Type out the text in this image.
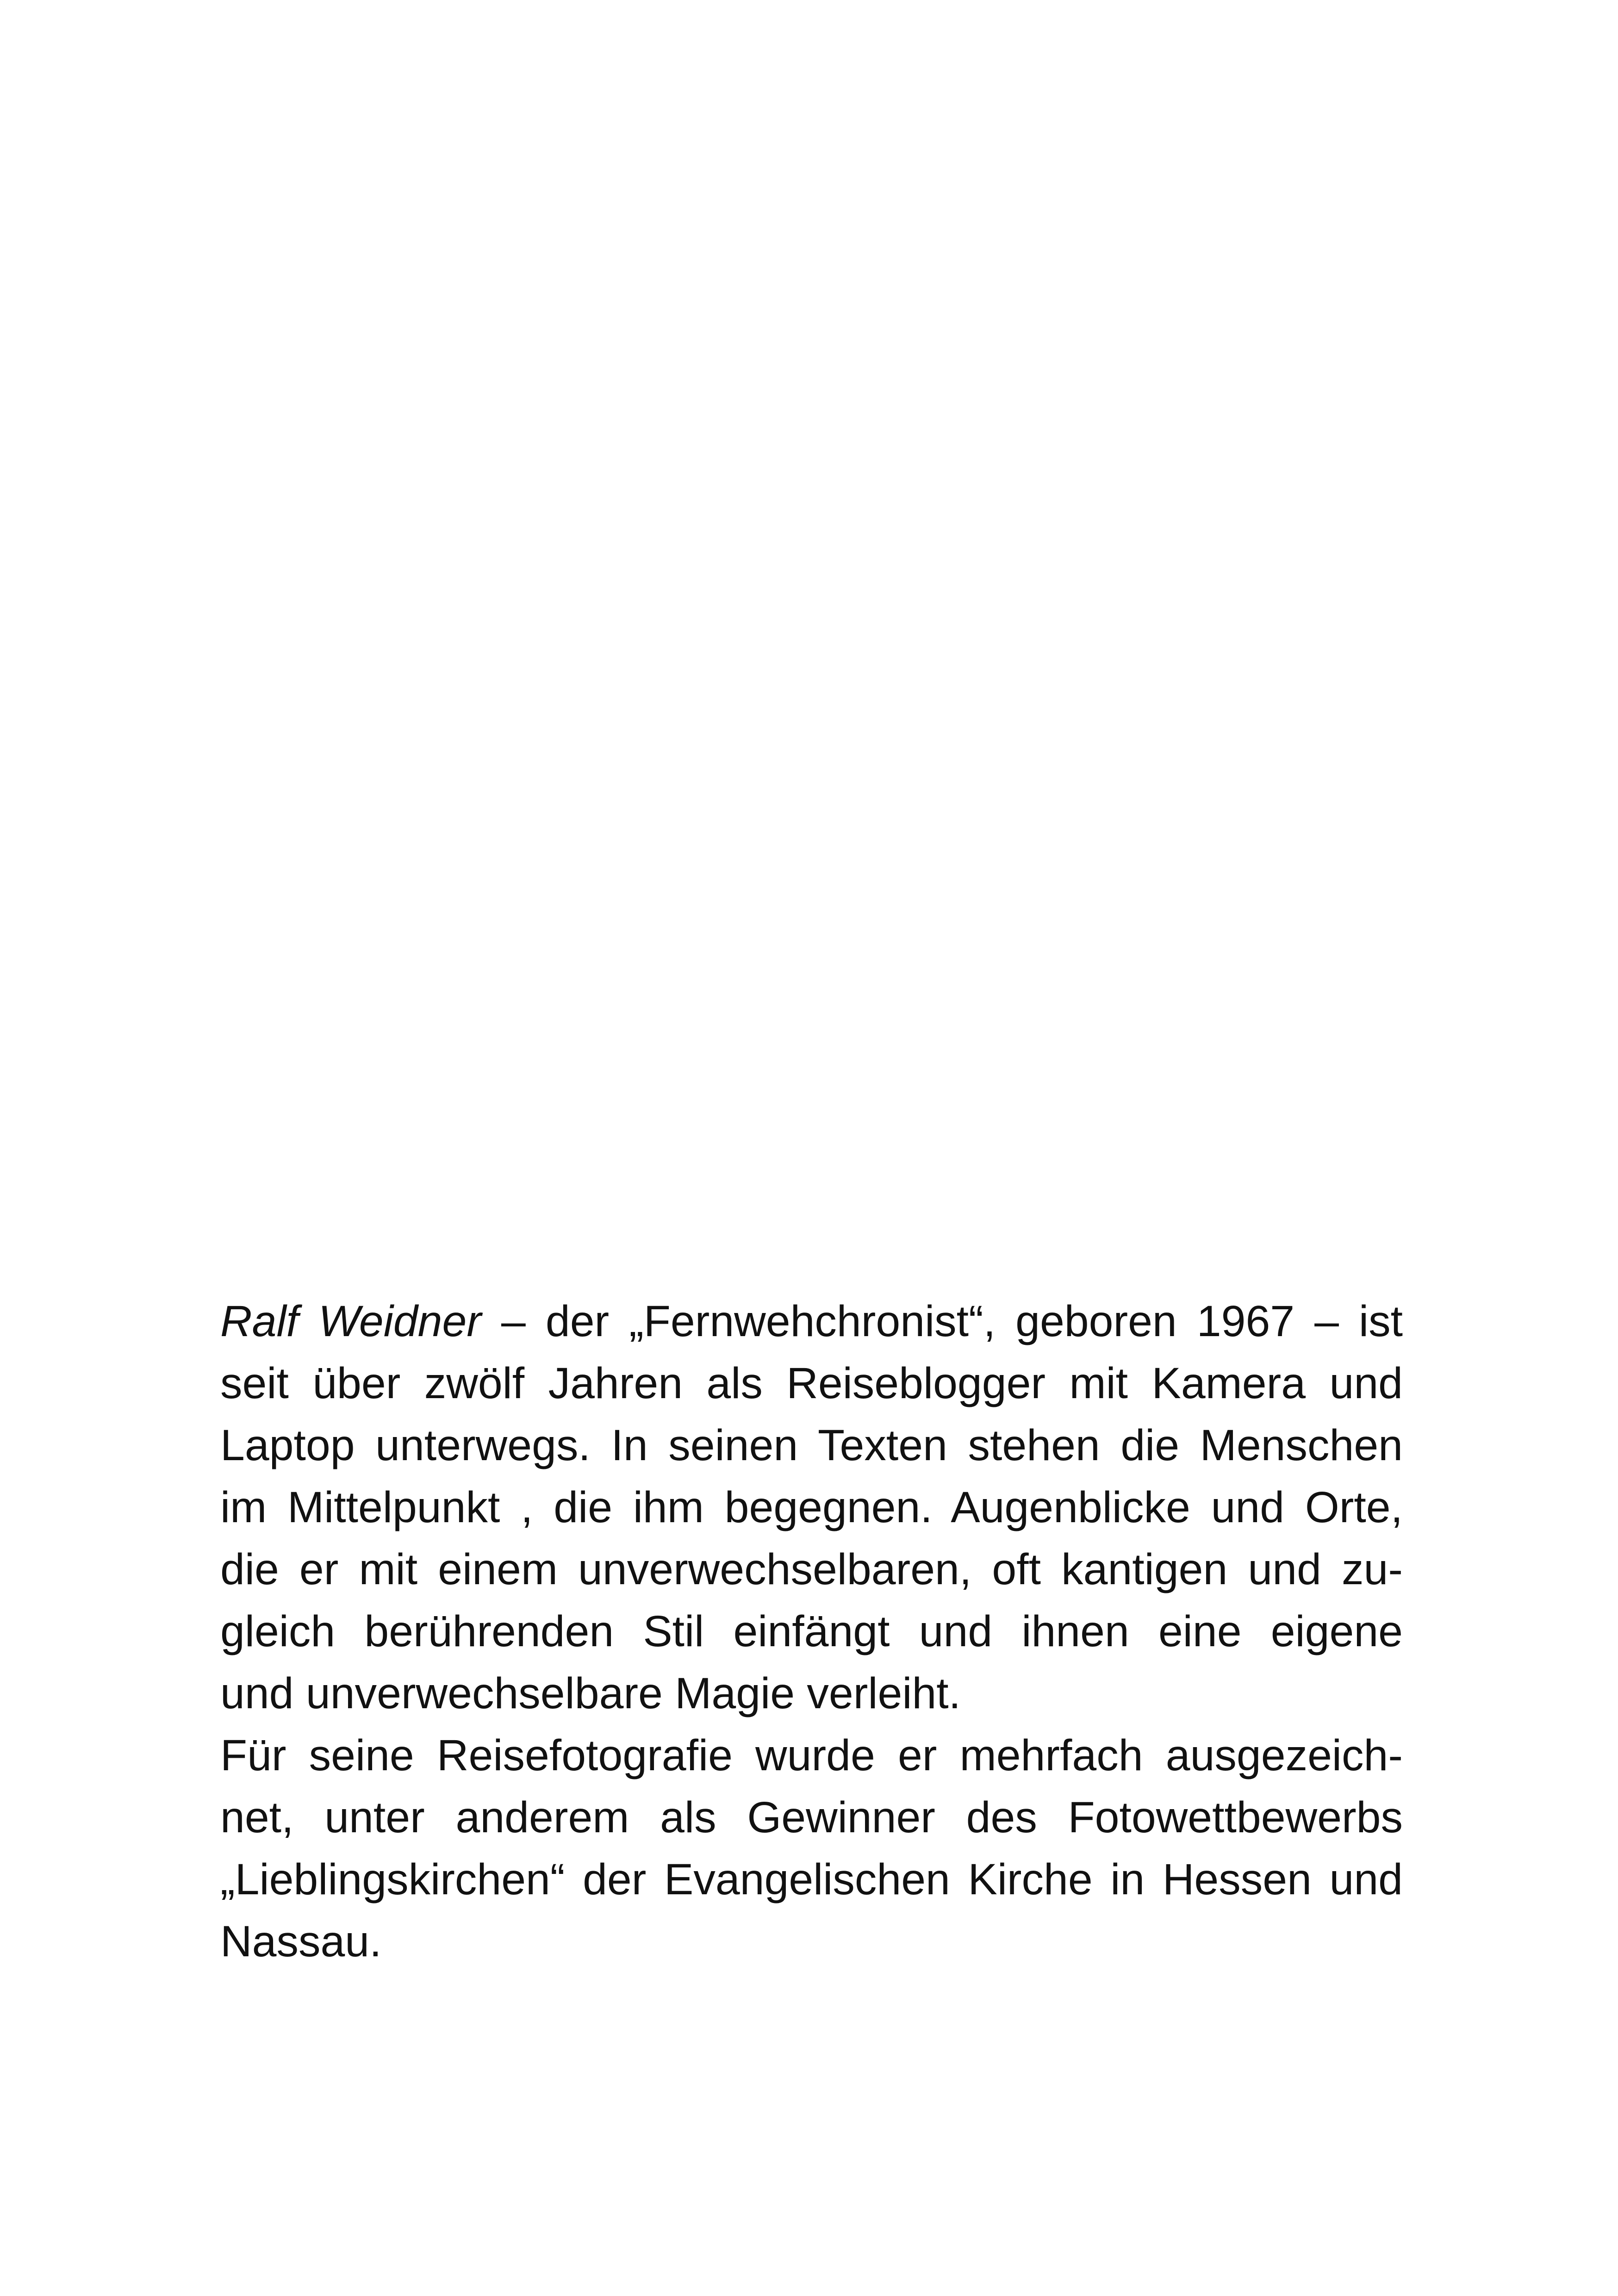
Ralf Weidner – der „Fernwehchronist“, geboren 1967 – ist
seit über zwölf Jahren als Reiseblogger mit Kamera und
Laptop unterwegs. In seinen Texten stehen die Menschen
im Mittelpunkt , die ihm begegnen. Augenblicke und Orte,
die er mit einem unverwechselbaren, oft kantigen und zu-
gleich berührenden Stil einfängt und ihnen eine eigene
und unverwechselbare Magie verleiht.
Für seine Reisefotografie wurde er mehrfach ausgezeich-
net, unter anderem als Gewinner des Fotowettbewerbs
„Lieblingskirchen“ der Evangelischen Kirche in Hessen und
Nassau.
